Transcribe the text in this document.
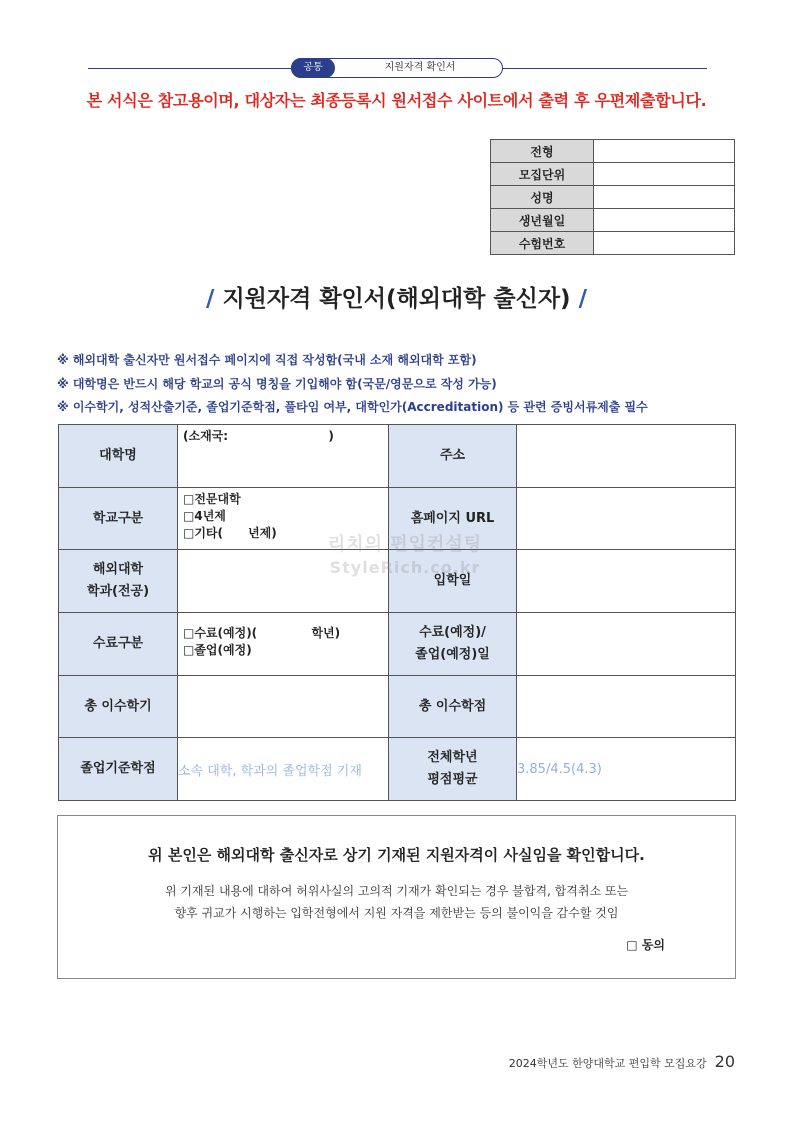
공통	지원자격 확인서
본 서식은 참고용이며, 대상자는 최종등록시 원서접수 사이트에서 출력 후 우편제출합니다.
전형	
모집단위	
성명	
생년월일	
수험번호	
/ 지원자격 확인서(해외대학 출신자) /
※ 해외대학 출신자만 원서접수 페이지에 직접 작성함(국내 소재 해외대학 포함)
※ 대학명은 반드시 해당 학교의 공식 명칭을 기입해야 함(국문/영문으로 작성 가능)
※ 이수학기, 성적산출기준, 졸업기준학점, 풀타임 여부, 대학인가(Accreditation) 등 관련 증빙서류제출 필수
대학명	(소재국:                        )	주소	
학교구분	□전문대학
□4년제
□기타(      년제)	홈페이지 URL	
해외대학
학과(전공)		입학일	
수료구분	□수료(예정)(             학년)
□졸업(예정)	수료(예정)/
졸업(예정)일	
총 이수학기		총 이수학점	
졸업기준학점	소속 대학, 학과의 졸업학점 기재	전체학년
평점평균	3.85/4.5(4.3)
리치의 편입컨설팅
StyleRich.co.kr
위 본인은 해외대학 출신자로 상기 기재된 지원자격이 사실임을 확인합니다.
위 기재된 내용에 대하여 허위사실의 고의적 기재가 확인되는 경우 불합격, 합격취소 또는
향후 귀교가 시행하는 입학전형에서 지원 자격을 제한받는 등의 불이익을 감수할 것임
□ 동의
2024학년도 한양대학교 편입학 모집요강 20
